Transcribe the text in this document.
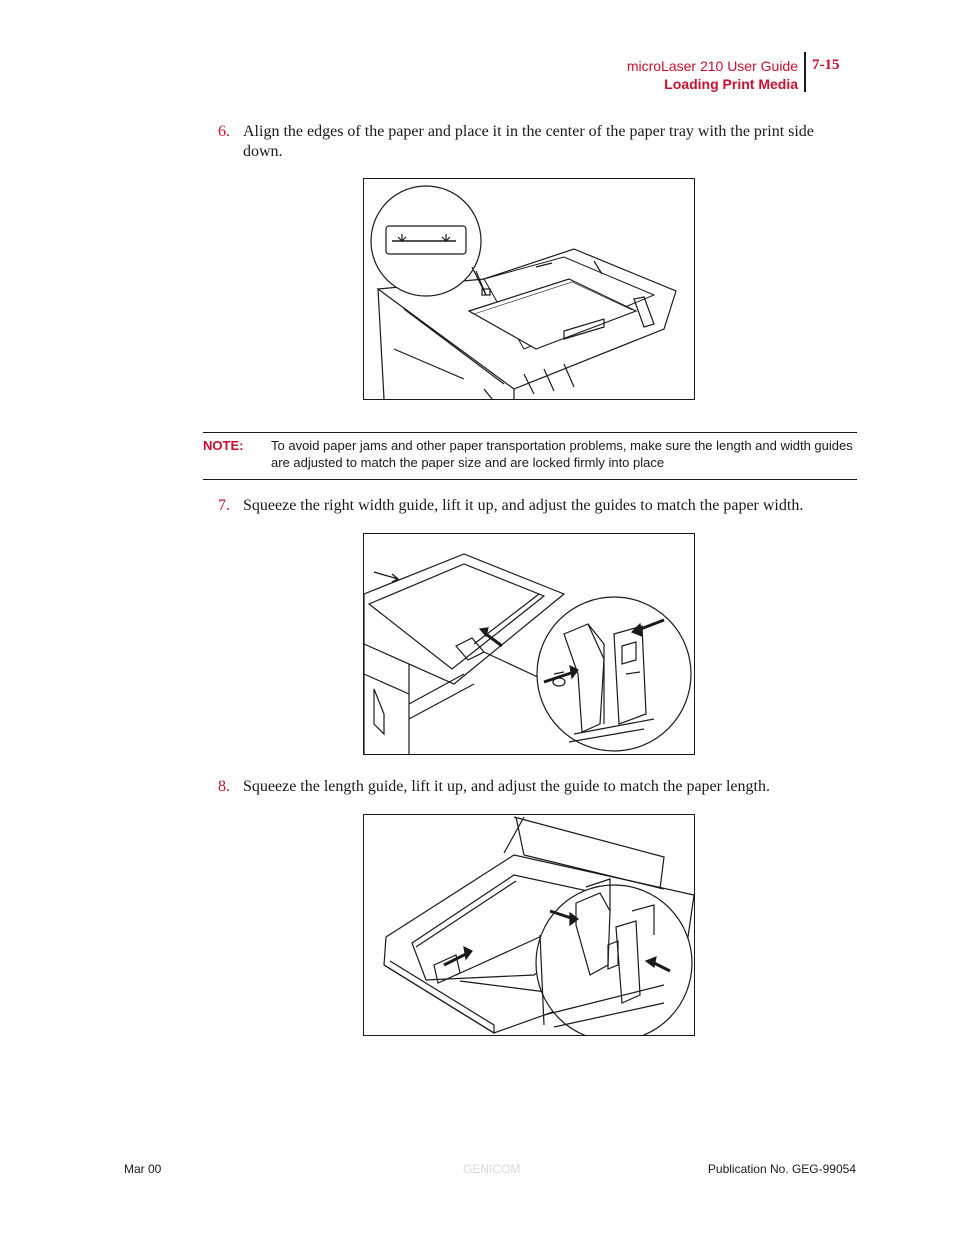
microLaser 210 User Guide
Loading Print Media
7-15
6. Align the edges of the paper and place it in the center of the paper tray with the print side down.
NOTE: To avoid paper jams and other paper transportation problems, make sure the length and width guides are adjusted to match the paper size and are locked firmly into place
7. Squeeze the right width guide, lift it up, and adjust the guides to match the paper width.
8. Squeeze the length guide, lift it up, and adjust the guide to match the paper length.
Mar 00	GENICOM	Publication No. GEG-99054
